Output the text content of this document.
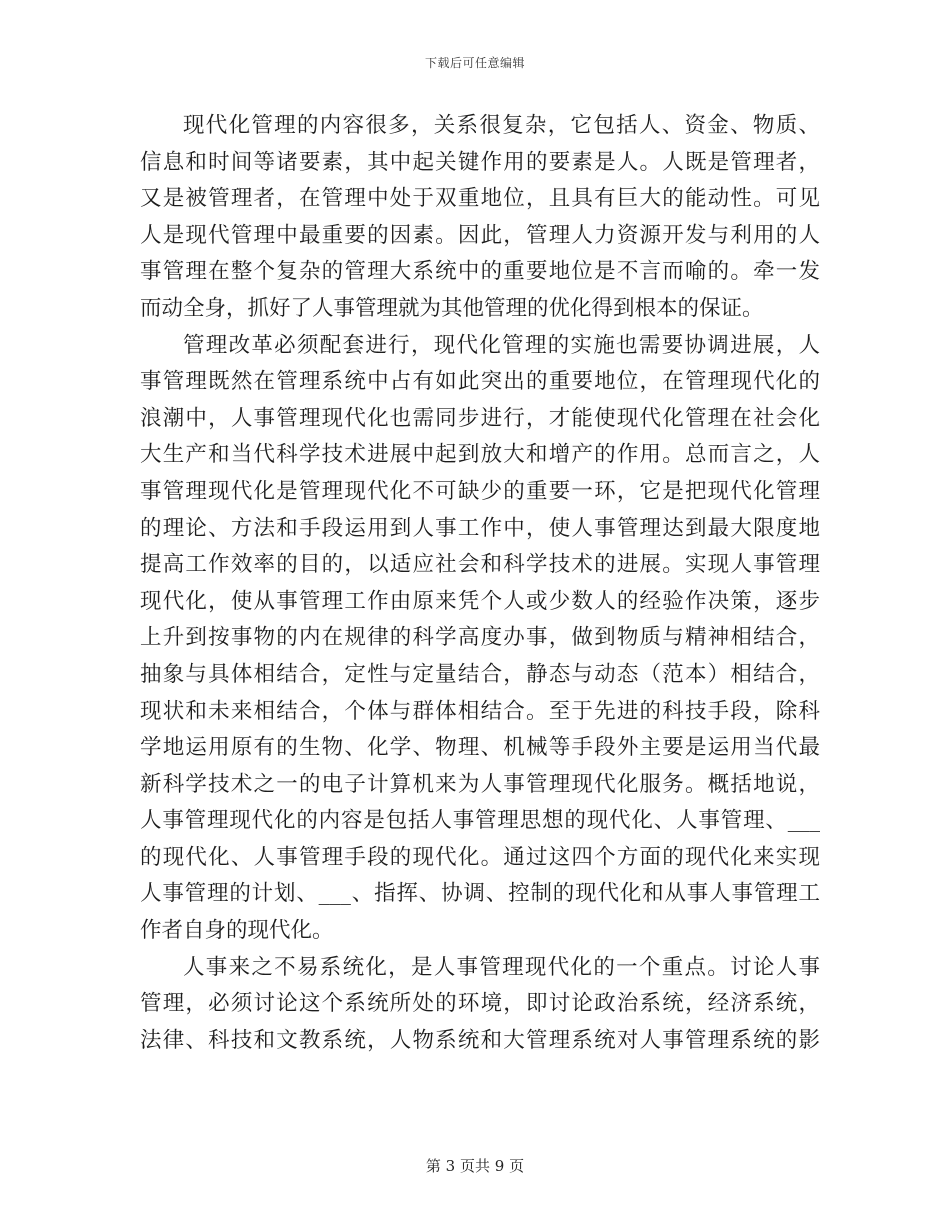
下载后可任意编辑
现代化管理的内容很多，关系很复杂，它包括人、资金、物质、
信息和时间等诸要素，其中起关键作用的要素是人。人既是管理者，
又是被管理者，在管理中处于双重地位，且具有巨大的能动性。可见
人是现代管理中最重要的因素。因此，管理人力资源开发与利用的人
事管理在整个复杂的管理大系统中的重要地位是不言而喻的。牵一发
而动全身，抓好了人事管理就为其他管理的优化得到根本的保证。
管理改革必须配套进行，现代化管理的实施也需要协调进展，人
事管理既然在管理系统中占有如此突出的重要地位，在管理现代化的
浪潮中，人事管理现代化也需同步进行，才能使现代化管理在社会化
大生产和当代科学技术进展中起到放大和增产的作用。总而言之，人
事管理现代化是管理现代化不可缺少的重要一环，它是把现代化管理
的理论、方法和手段运用到人事工作中，使人事管理达到最大限度地
提高工作效率的目的，以适应社会和科学技术的进展。实现人事管理
现代化，使从事管理工作由原来凭个人或少数人的经验作决策，逐步
上升到按事物的内在规律的科学高度办事，做到物质与精神相结合，
抽象与具体相结合，定性与定量结合，静态与动态（范本）相结合，
现状和未来相结合，个体与群体相结合。至于先进的科技手段，除科
学地运用原有的生物、化学、物理、机械等手段外主要是运用当代最
新科学技术之一的电子计算机来为人事管理现代化服务。概括地说，
人事管理现代化的内容是包括人事管理思想的现代化、人事管理、___
的现代化、人事管理手段的现代化。通过这四个方面的现代化来实现
人事管理的计划、___、指挥、协调、控制的现代化和从事人事管理工
作者自身的现代化。
人事来之不易系统化，是人事管理现代化的一个重点。讨论人事
管理，必须讨论这个系统所处的环境，即讨论政治系统，经济系统，
法律、科技和文教系统，人物系统和大管理系统对人事管理系统的影
第 3 页共 9 页
